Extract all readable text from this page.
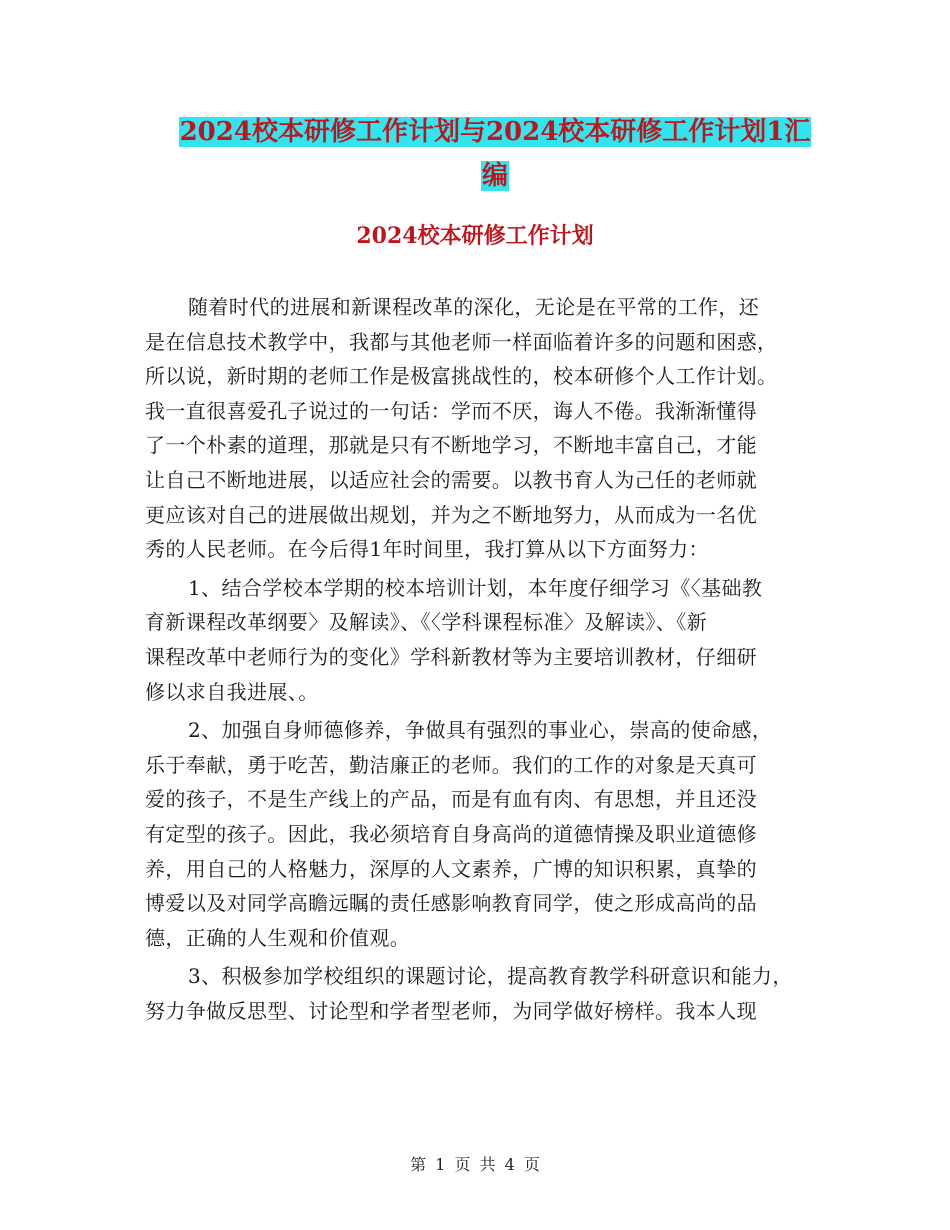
2024校本研修工作计划与2024校本研修工作计划1汇
编
2024校本研修工作计划
随着时代的进展和新课程改革的深化，无论是在平常的工作，还
是在信息技术教学中，我都与其他老师一样面临着许多的问题和困惑，
所以说，新时期的老师工作是极富挑战性的，校本研修个人工作计划。
我一直很喜爱孔子说过的一句话：学而不厌，诲人不倦。我渐渐懂得
了一个朴素的道理，那就是只有不断地学习，不断地丰富自己，才能
让自己不断地进展，以适应社会的需要。以教书育人为己任的老师就
更应该对自己的进展做出规划，并为之不断地努力，从而成为一名优
秀的人民老师。在今后得1年时间里，我打算从以下方面努力：
1、结合学校本学期的校本培训计划，本年度仔细学习《〈基础教
育新课程改革纲要〉及解读》、《〈学科课程标准〉及解读》、《新
课程改革中老师行为的变化》学科新教材等为主要培训教材，仔细研
修以求自我进展、。
2、加强自身师德修养，争做具有强烈的事业心，崇高的使命感，
乐于奉献，勇于吃苦，勤洁廉正的老师。我们的工作的对象是天真可
爱的孩子，不是生产线上的产品，而是有血有肉、有思想，并且还没
有定型的孩子。因此，我必须培育自身高尚的道德情操及职业道德修
养，用自己的人格魅力，深厚的人文素养，广博的知识积累，真挚的
博爱以及对同学高瞻远瞩的责任感影响教育同学，使之形成高尚的品
德，正确的人生观和价值观。
3、积极参加学校组织的课题讨论，提高教育教学科研意识和能力，
努力争做反思型、讨论型和学者型老师，为同学做好榜样。我本人现
第 1 页 共 4 页
